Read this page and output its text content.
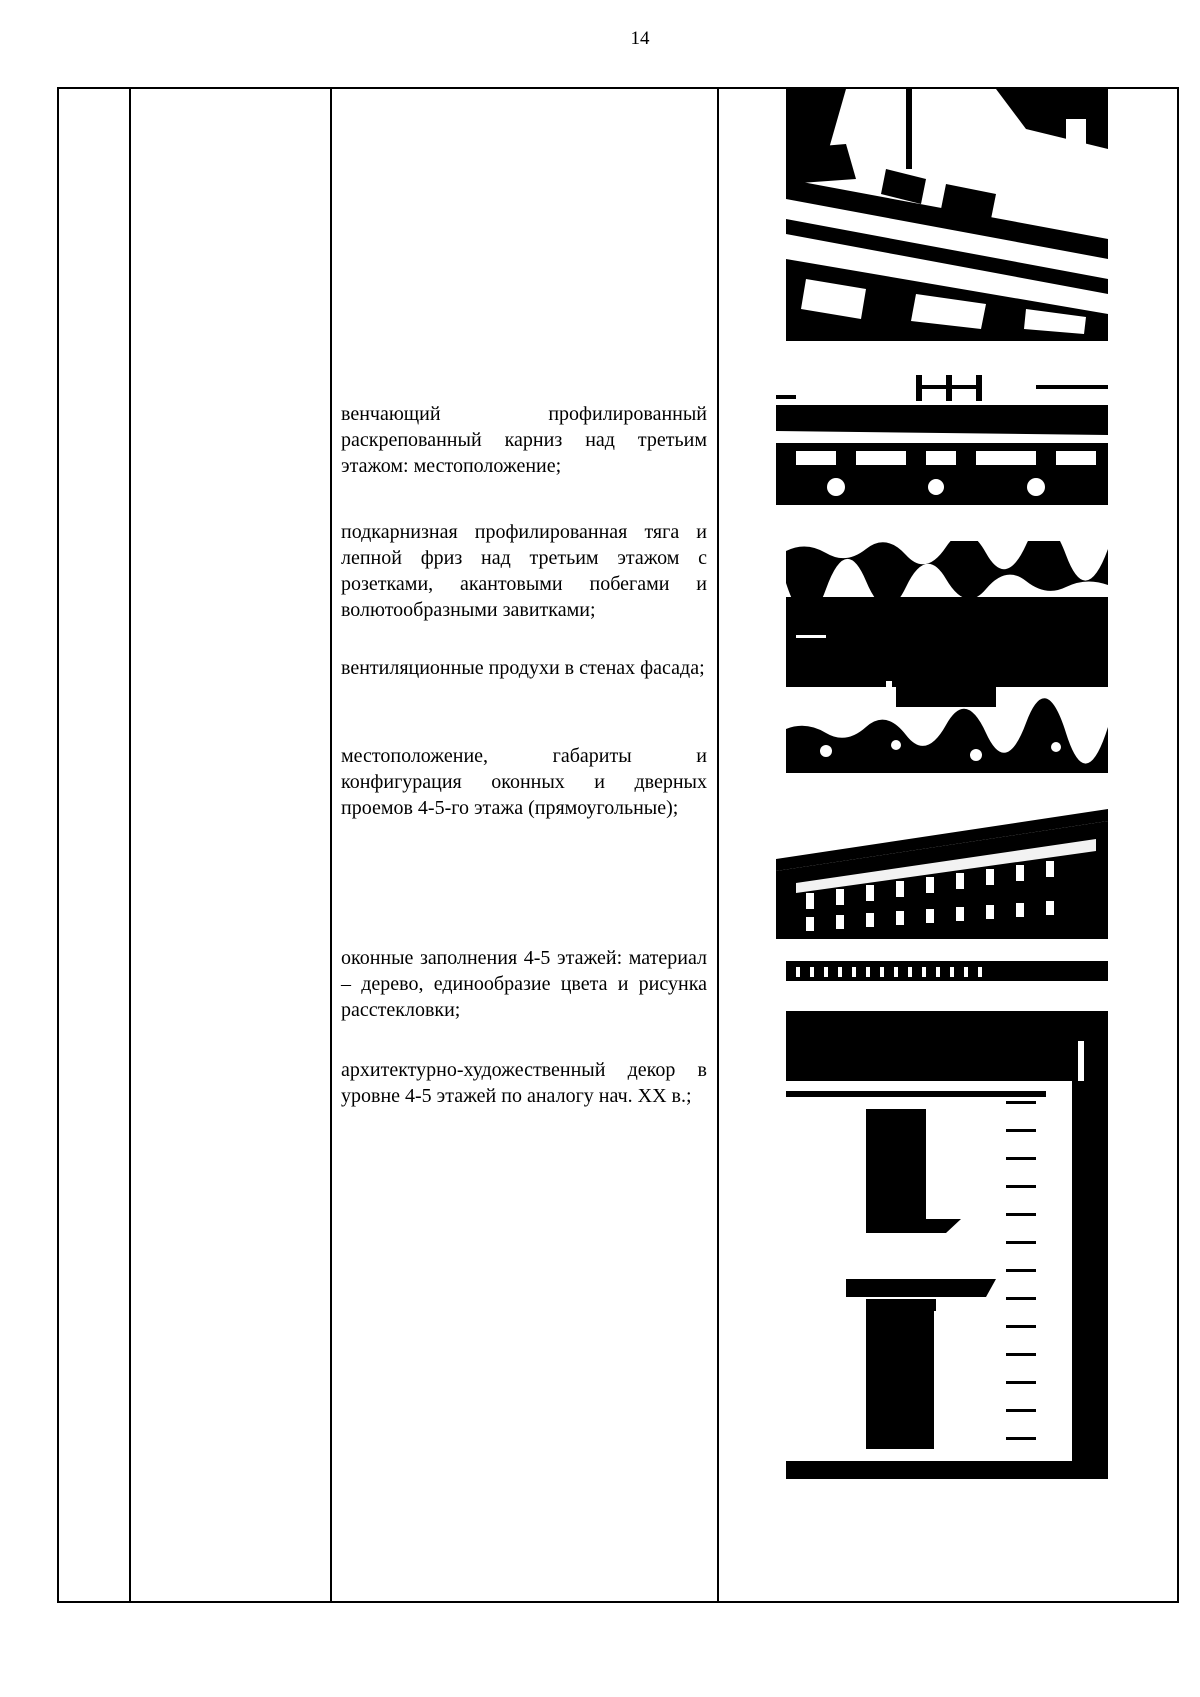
14

венчающий профилированный раскрепованный карниз над третьим этажом: местоположение;

подкарнизная профилированная тяга и лепной фриз над третьим этажом с розетками, акантовыми побегами и волютообразными завитками;

вентиляционные продухи в стенах фасада;

местоположение, габариты и конфигурация оконных и дверных проемов 4-5-го этажа (прямоугольные);

оконные заполнения 4-5 этажей: материал – дерево, единообразие цвета и рисунка расстекловки;

архитектурно-художественный декор в уровне 4-5 этажей по аналогу нач. XX в.;
